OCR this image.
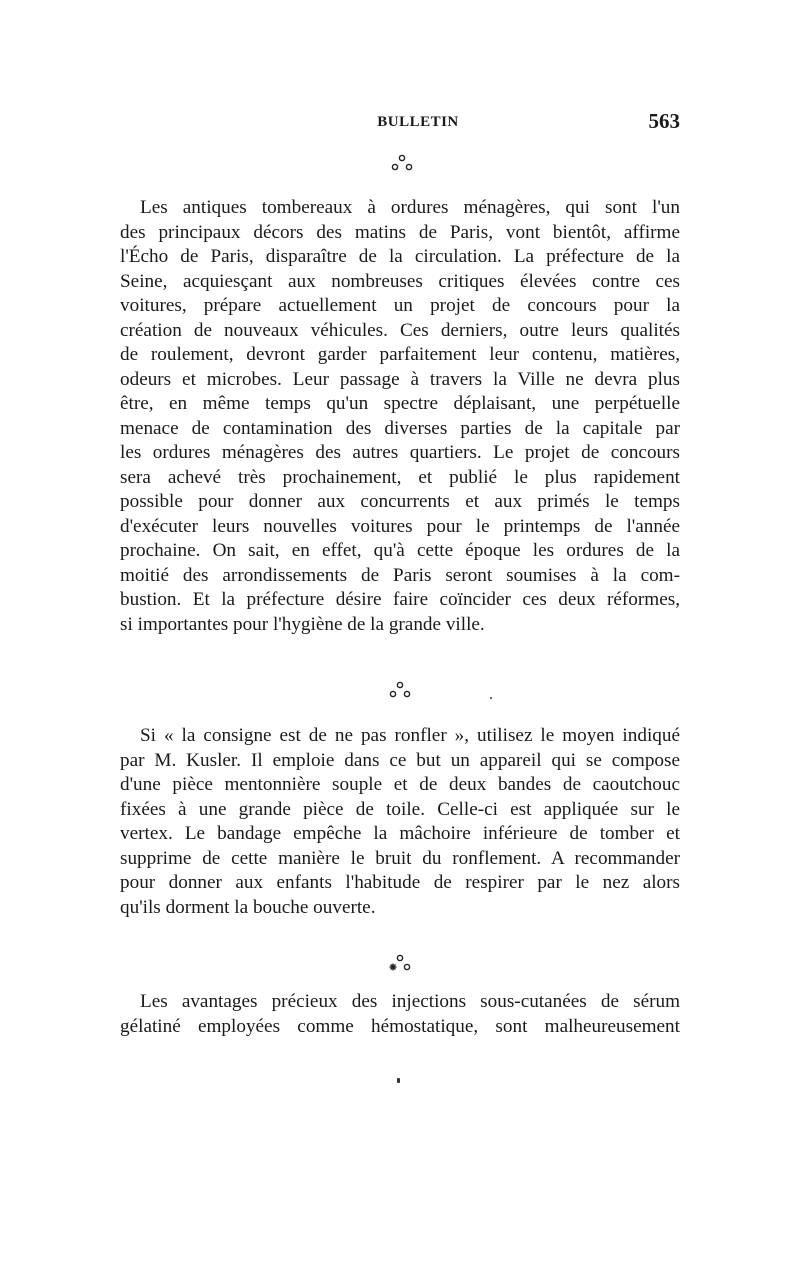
BULLETIN	563
Les antiques tombereaux à ordures ménagères, qui sont l'un
des principaux décors des matins de Paris, vont bientôt, affirme
l'Écho de Paris, disparaître de la circulation. La préfecture de la
Seine, acquiesçant aux nombreuses critiques élevées contre ces
voitures, prépare actuellement un projet de concours pour la
création de nouveaux véhicules. Ces derniers, outre leurs qualités
de roulement, devront garder parfaitement leur contenu, matières,
odeurs et microbes. Leur passage à travers la Ville ne devra plus
être, en même temps qu'un spectre déplaisant, une perpétuelle
menace de contamination des diverses parties de la capitale par
les ordures ménagères des autres quartiers. Le projet de concours
sera achevé très prochainement, et publié le plus rapidement
possible pour donner aux concurrents et aux primés le temps
d'exécuter leurs nouvelles voitures pour le printemps de l'année
prochaine. On sait, en effet, qu'à cette époque les ordures de la
moitié des arrondissements de Paris seront soumises à la com-
bustion. Et la préfecture désire faire coïncider ces deux réformes,
si importantes pour l'hygiène de la grande ville.
Si « la consigne est de ne pas ronfler », utilisez le moyen indiqué
par M. Kusler. Il emploie dans ce but un appareil qui se compose
d'une pièce mentonnière souple et de deux bandes de caoutchouc
fixées à une grande pièce de toile. Celle-ci est appliquée sur le
vertex. Le bandage empêche la mâchoire inférieure de tomber et
supprime de cette manière le bruit du ronflement. A recommander
pour donner aux enfants l'habitude de respirer par le nez alors
qu'ils dorment la bouche ouverte.
Les avantages précieux des injections sous-cutanées de sérum
gélatiné employées comme hémostatique, sont malheureusement
